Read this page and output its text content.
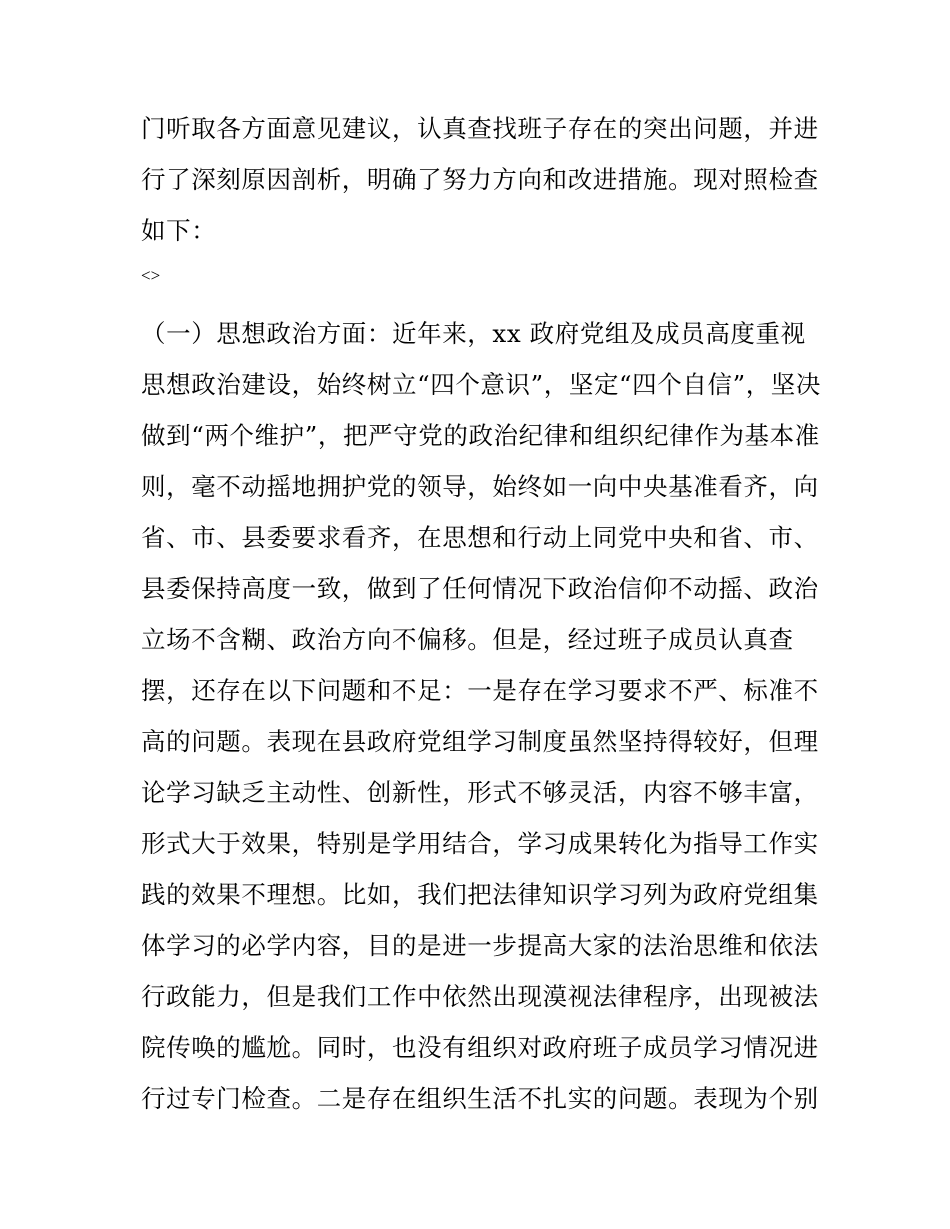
门听取各方面意见建议，认真查找班子存在的突出问题，并进
行了深刻原因剖析，明确了努力方向和改进措施。现对照检查
如下：
<>
（一）思想政治方面：近年来，xx 政府党组及成员高度重视
思想政治建设，始终树立“四个意识”，坚定“四个自信”，坚决
做到“两个维护”，把严守党的政治纪律和组织纪律作为基本准
则，毫不动摇地拥护党的领导，始终如一向中央基准看齐，向
省、市、县委要求看齐，在思想和行动上同党中央和省、市、
县委保持高度一致，做到了任何情况下政治信仰不动摇、政治
立场不含糊、政治方向不偏移。但是，经过班子成员认真查
摆，还存在以下问题和不足：一是存在学习要求不严、标准不
高的问题。表现在县政府党组学习制度虽然坚持得较好，但理
论学习缺乏主动性、创新性，形式不够灵活，内容不够丰富，
形式大于效果，特别是学用结合，学习成果转化为指导工作实
践的效果不理想。比如，我们把法律知识学习列为政府党组集
体学习的必学内容，目的是进一步提高大家的法治思维和依法
行政能力，但是我们工作中依然出现漠视法律程序，出现被法
院传唤的尴尬。同时，也没有组织对政府班子成员学习情况进
行过专门检查。二是存在组织生活不扎实的问题。表现为个别
